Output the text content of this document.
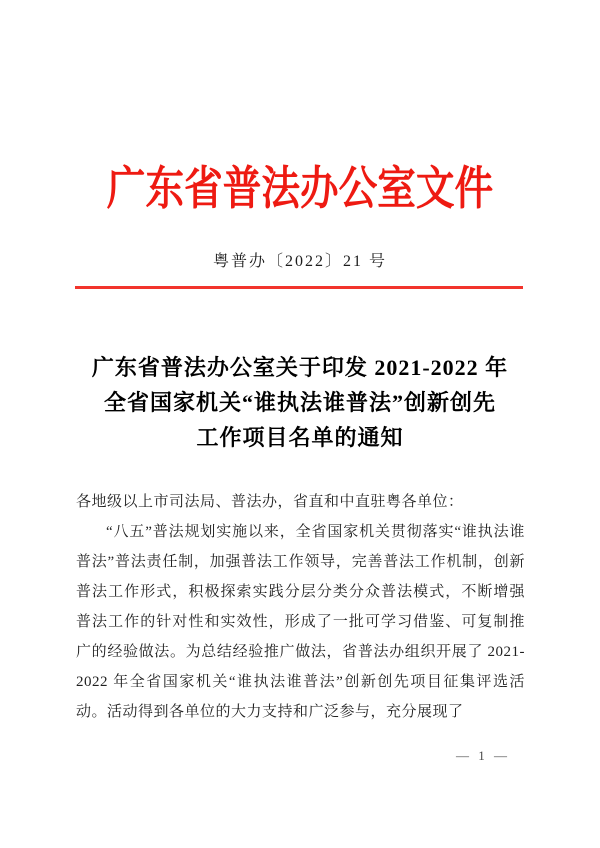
广东省普法办公室文件
粤普办〔2022〕21 号
广东省普法办公室关于印发 2021-2022 年
全省国家机关“谁执法谁普法”创新创先
工作项目名单的通知

各地级以上市司法局、普法办，省直和中直驻粤各单位：

“八五”普法规划实施以来，全省国家机关贯彻落实“谁执法谁普法”普法责任制，加强普法工作领导，完善普法工作机制，创新普法工作形式，积极探索实践分层分类分众普法模式，不断增强普法工作的针对性和实效性，形成了一批可学习借鉴、可复制推广的经验做法。为总结经验推广做法，省普法办组织开展了 2021-2022 年全省国家机关“谁执法谁普法”创新创先项目征集评选活动。活动得到各单位的大力支持和广泛参与，充分展现了

— 1 —
